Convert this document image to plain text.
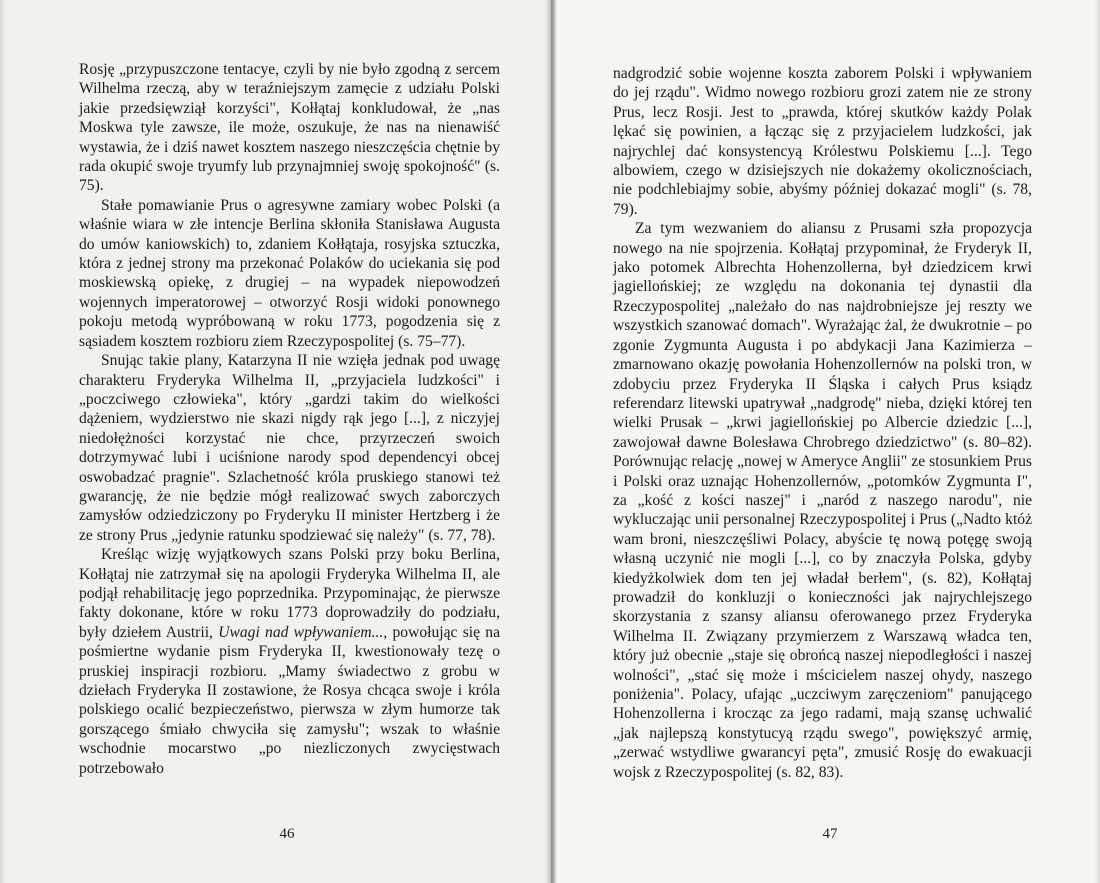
Rosję „przypuszczone tentacye, czyli by nie było zgodną z sercem Wilhelma rzeczą, aby w teraźniejszym zamęcie z udziału Polski jakie przedsięwziął korzyści", Kołłątaj konkludował, że „nas Moskwa tyle zawsze, ile może, oszukuje, że nas na nienawiść wystawia, że i dziś nawet kosztem naszego nieszczęścia chętnie by rada okupić swoje tryumfy lub przynajmniej swoję spokojność" (s. 75).

Stałe pomawianie Prus o agresywne zamiary wobec Polski (a właśnie wiara w złe intencje Berlina skłoniła Stanisława Augusta do umów kaniowskich) to, zdaniem Kołłątaja, rosyjska sztuczka, która z jednej strony ma przekonać Polaków do uciekania się pod moskiewską opiekę, z drugiej – na wypadek niepowodzeń wojennych imperatorowej – otworzyć Rosji widoki ponownego pokoju metodą wypróbowaną w roku 1773, pogodzenia się z sąsiadem kosztem rozbioru ziem Rzeczypospolitej (s. 75–77).

Snując takie plany, Katarzyna II nie wzięła jednak pod uwagę charakteru Fryderyka Wilhelma II, „przyjaciela ludzkości" i „poczciwego człowieka", który „gardzi takim do wielkości dążeniem, wydzierstwo nie skazi nigdy rąk jego [...], z niczyjej niedołężności korzystać nie chce, przyrzeczeń swoich dotrzymywać lubi i uciśnione narody spod dependencyi obcej oswobadzać pragnie". Szlachetność króla pruskiego stanowi też gwarancję, że nie będzie mógł realizować swych zaborczych zamysłów odziedziczony po Fryderyku II minister Hertzberg i że ze strony Prus „jedynie ratunku spodziewać się należy" (s. 77, 78).

Kreśląc wizję wyjątkowych szans Polski przy boku Berlina, Kołłątaj nie zatrzymał się na apologii Fryderyka Wilhelma II, ale podjął rehabilitację jego poprzednika. Przypominając, że pierwsze fakty dokonane, które w roku 1773 doprowadziły do podziału, były dziełem Austrii, Uwagi nad wpływaniem..., powołując się na pośmiertne wydanie pism Fryderyka II, kwestionowały tezę o pruskiej inspiracji rozbioru. „Mamy świadectwo z grobu w dziełach Fryderyka II zostawione, że Rosya chcąca swoje i króla polskiego ocalić bezpieczeństwo, pierwsza w złym humorze tak gorszącego śmiało chwyciła się zamysłu"; wszak to właśnie wschodnie mocarstwo „po niezliczonych zwycięstwach potrzebowało

46

nadgrodzić sobie wojenne koszta zaborem Polski i wpływaniem do jej rządu". Widmo nowego rozbioru grozi zatem nie ze strony Prus, lecz Rosji. Jest to „prawda, której skutków każdy Polak lękać się powinien, a łącząc się z przyjacielem ludzkości, jak najrychlej dać konsystencyą Królestwu Polskiemu [...]. Tego albowiem, czego w dzisiejszych nie dokażemy okolicznościach, nie podchlebiajmy sobie, abyśmy później dokazać mogli" (s. 78, 79).

Za tym wezwaniem do aliansu z Prusami szła propozycja nowego na nie spojrzenia. Kołłątaj przypominał, że Fryderyk II, jako potomek Albrechta Hohenzollerna, był dziedzicem krwi jagiellońskiej; ze względu na dokonania tej dynastii dla Rzeczypospolitej „należało do nas najdrobniejsze jej reszty we wszystkich szanować domach". Wyrażając żal, że dwukrotnie – po zgonie Zygmunta Augusta i po abdykacji Jana Kazimierza – zmarnowano okazję powołania Hohenzollernów na polski tron, w zdobyciu przez Fryderyka II Śląska i całych Prus ksiądz referendarz litewski upatrywał „nadgrodę" nieba, dzięki której ten wielki Prusak – „krwi jagiellońskiej po Albercie dziedzic [...], zawojował dawne Bolesława Chrobrego dziedzictwo" (s. 80–82). Porównując relację „nowej w Ameryce Anglii" ze stosunkiem Prus i Polski oraz uznając Hohenzollernów, „potomków Zygmunta I", za „kość z kości naszej" i „naród z naszego narodu", nie wykluczając unii personalnej Rzeczypospolitej i Prus („Nadto któż wam broni, nieszczęśliwi Polacy, abyście tę nową potęgę swoją własną uczynić nie mogli [...], co by znaczyła Polska, gdyby kiedyżkolwiek dom ten jej władał berłem", (s. 82), Kołłątaj prowadził do konkluzji o konieczności jak najrychlejszego skorzystania z szansy aliansu oferowanego przez Fryderyka Wilhelma II. Związany przymierzem z Warszawą władca ten, który już obecnie „staje się obrońcą naszej niepodległości i naszej wolności", „stać się może i mścicielem naszej ohydy, naszego poniżenia". Polacy, ufając „uczciwym zaręczeniom" panującego Hohenzollerna i krocząc za jego radami, mają szansę uchwalić „jak najlepszą konstytucyą rządu swego", powiększyć armię, „zerwać wstydliwe gwarancyi pęta", zmusić Rosję do ewakuacji wojsk z Rzeczypospolitej (s. 82, 83).

47
